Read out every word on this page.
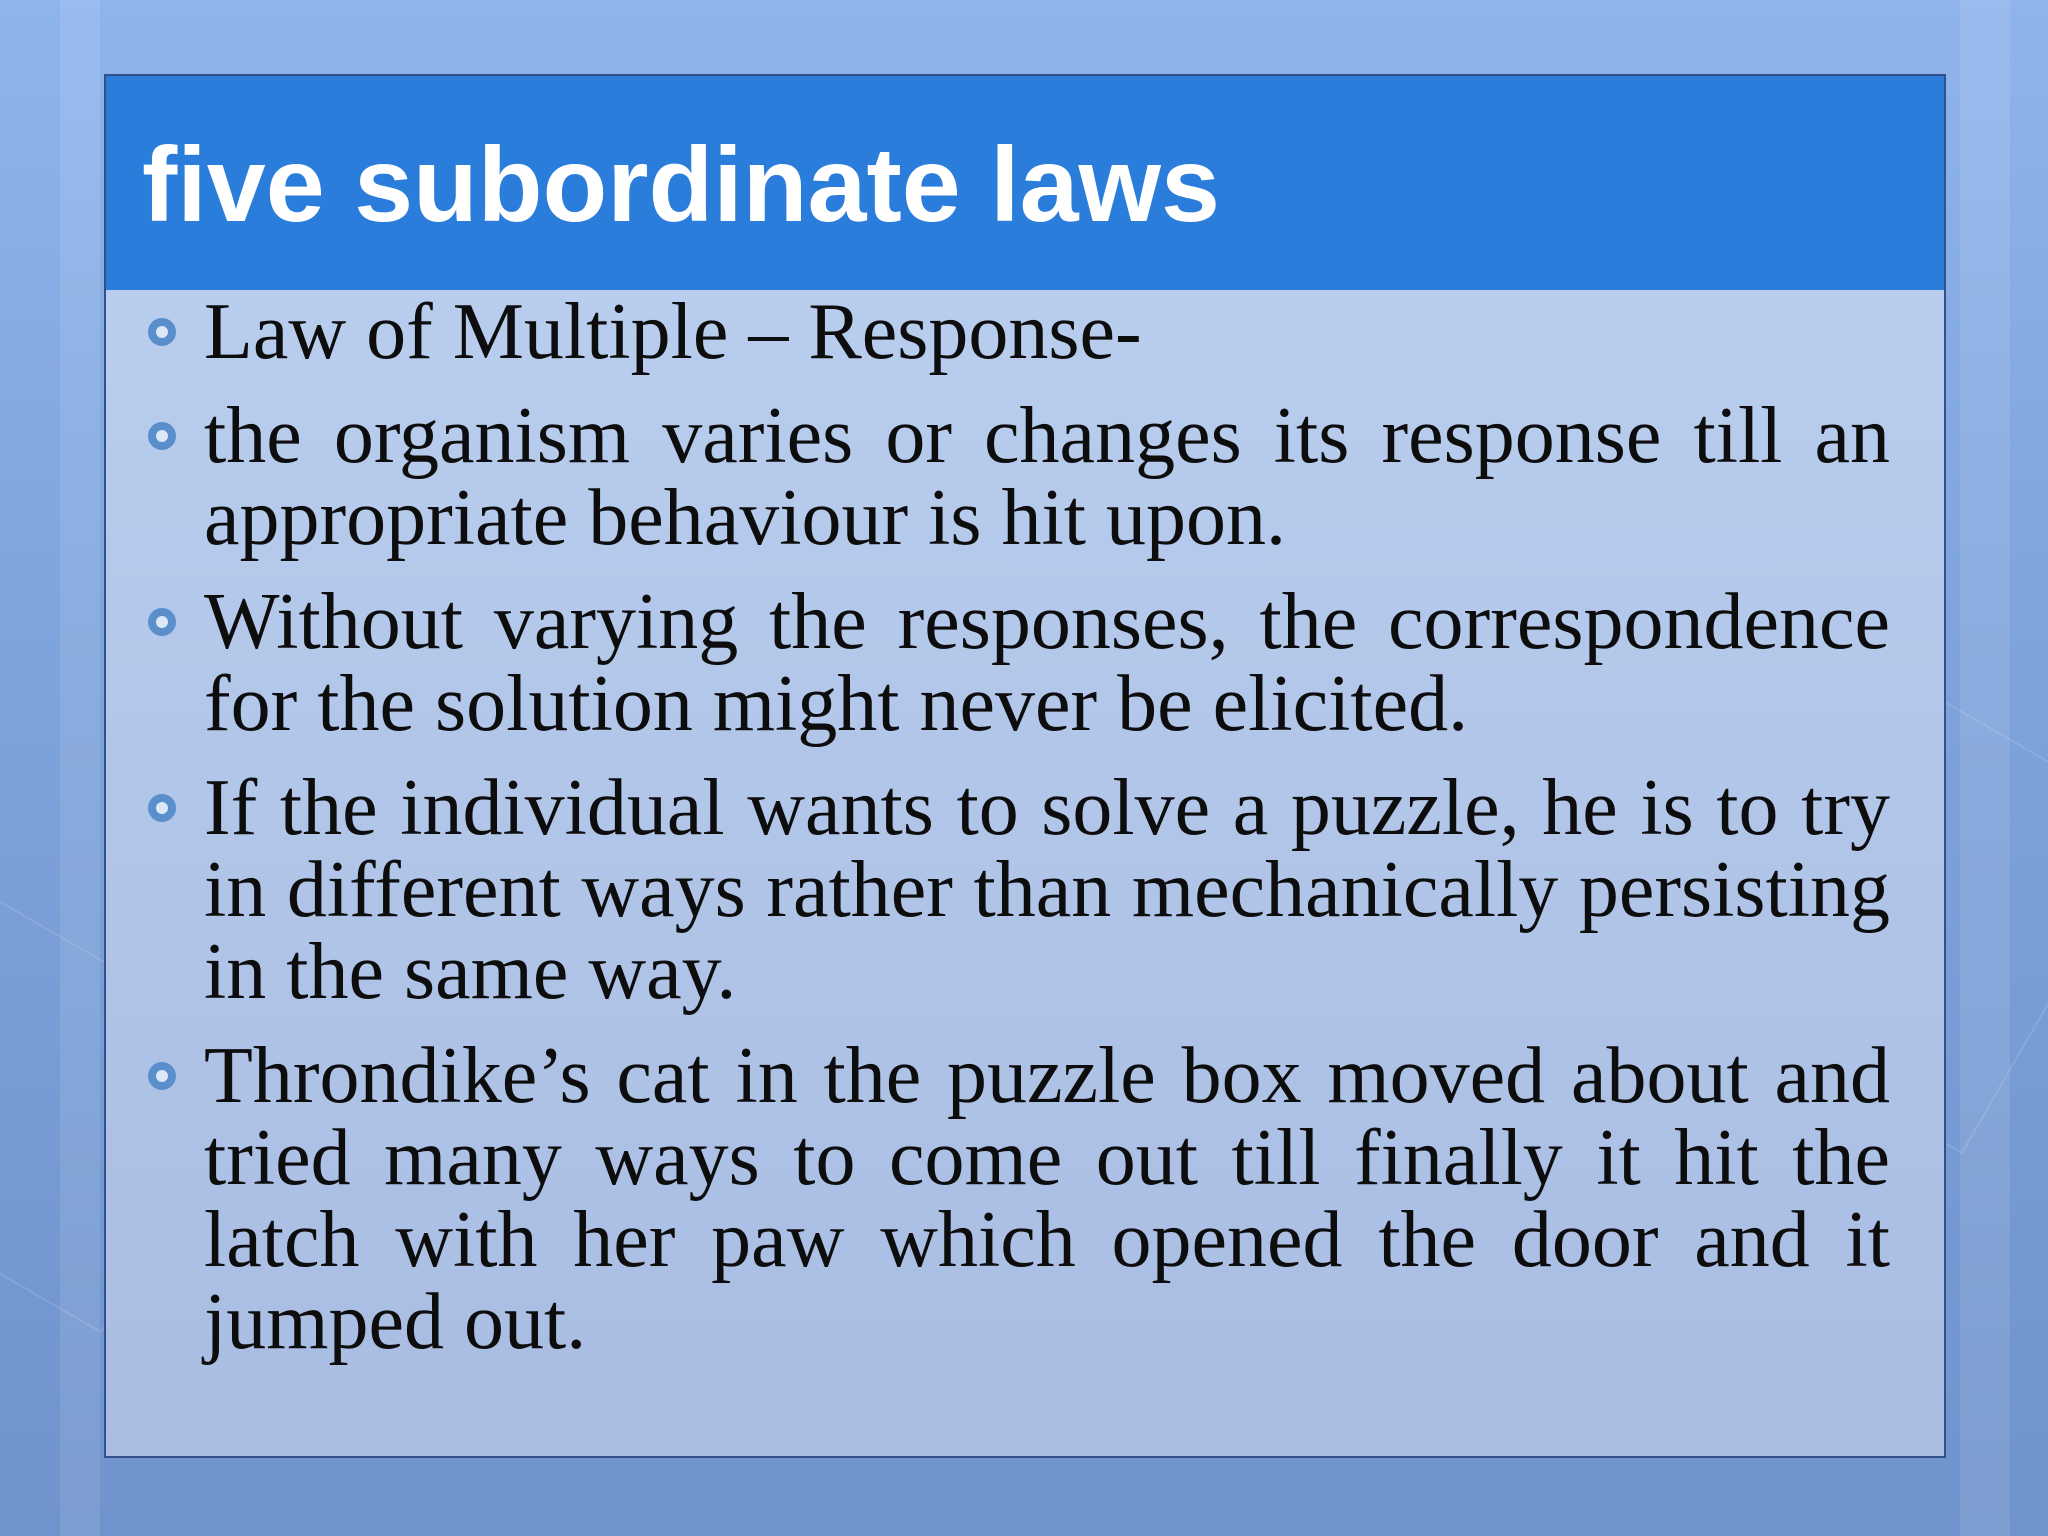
five subordinate laws
Law of Multiple – Response-
the organism varies or changes its response till an appropriate behaviour is hit upon.
Without varying the responses, the correspondence for the solution might never be elicited.
If the individual wants to solve a puzzle, he is to try in different ways rather than mechanically persisting in the same way.
Throndike’s cat in the puzzle box moved about and tried many ways to come out till finally it hit the latch with her paw which opened the door and it jumped out.
